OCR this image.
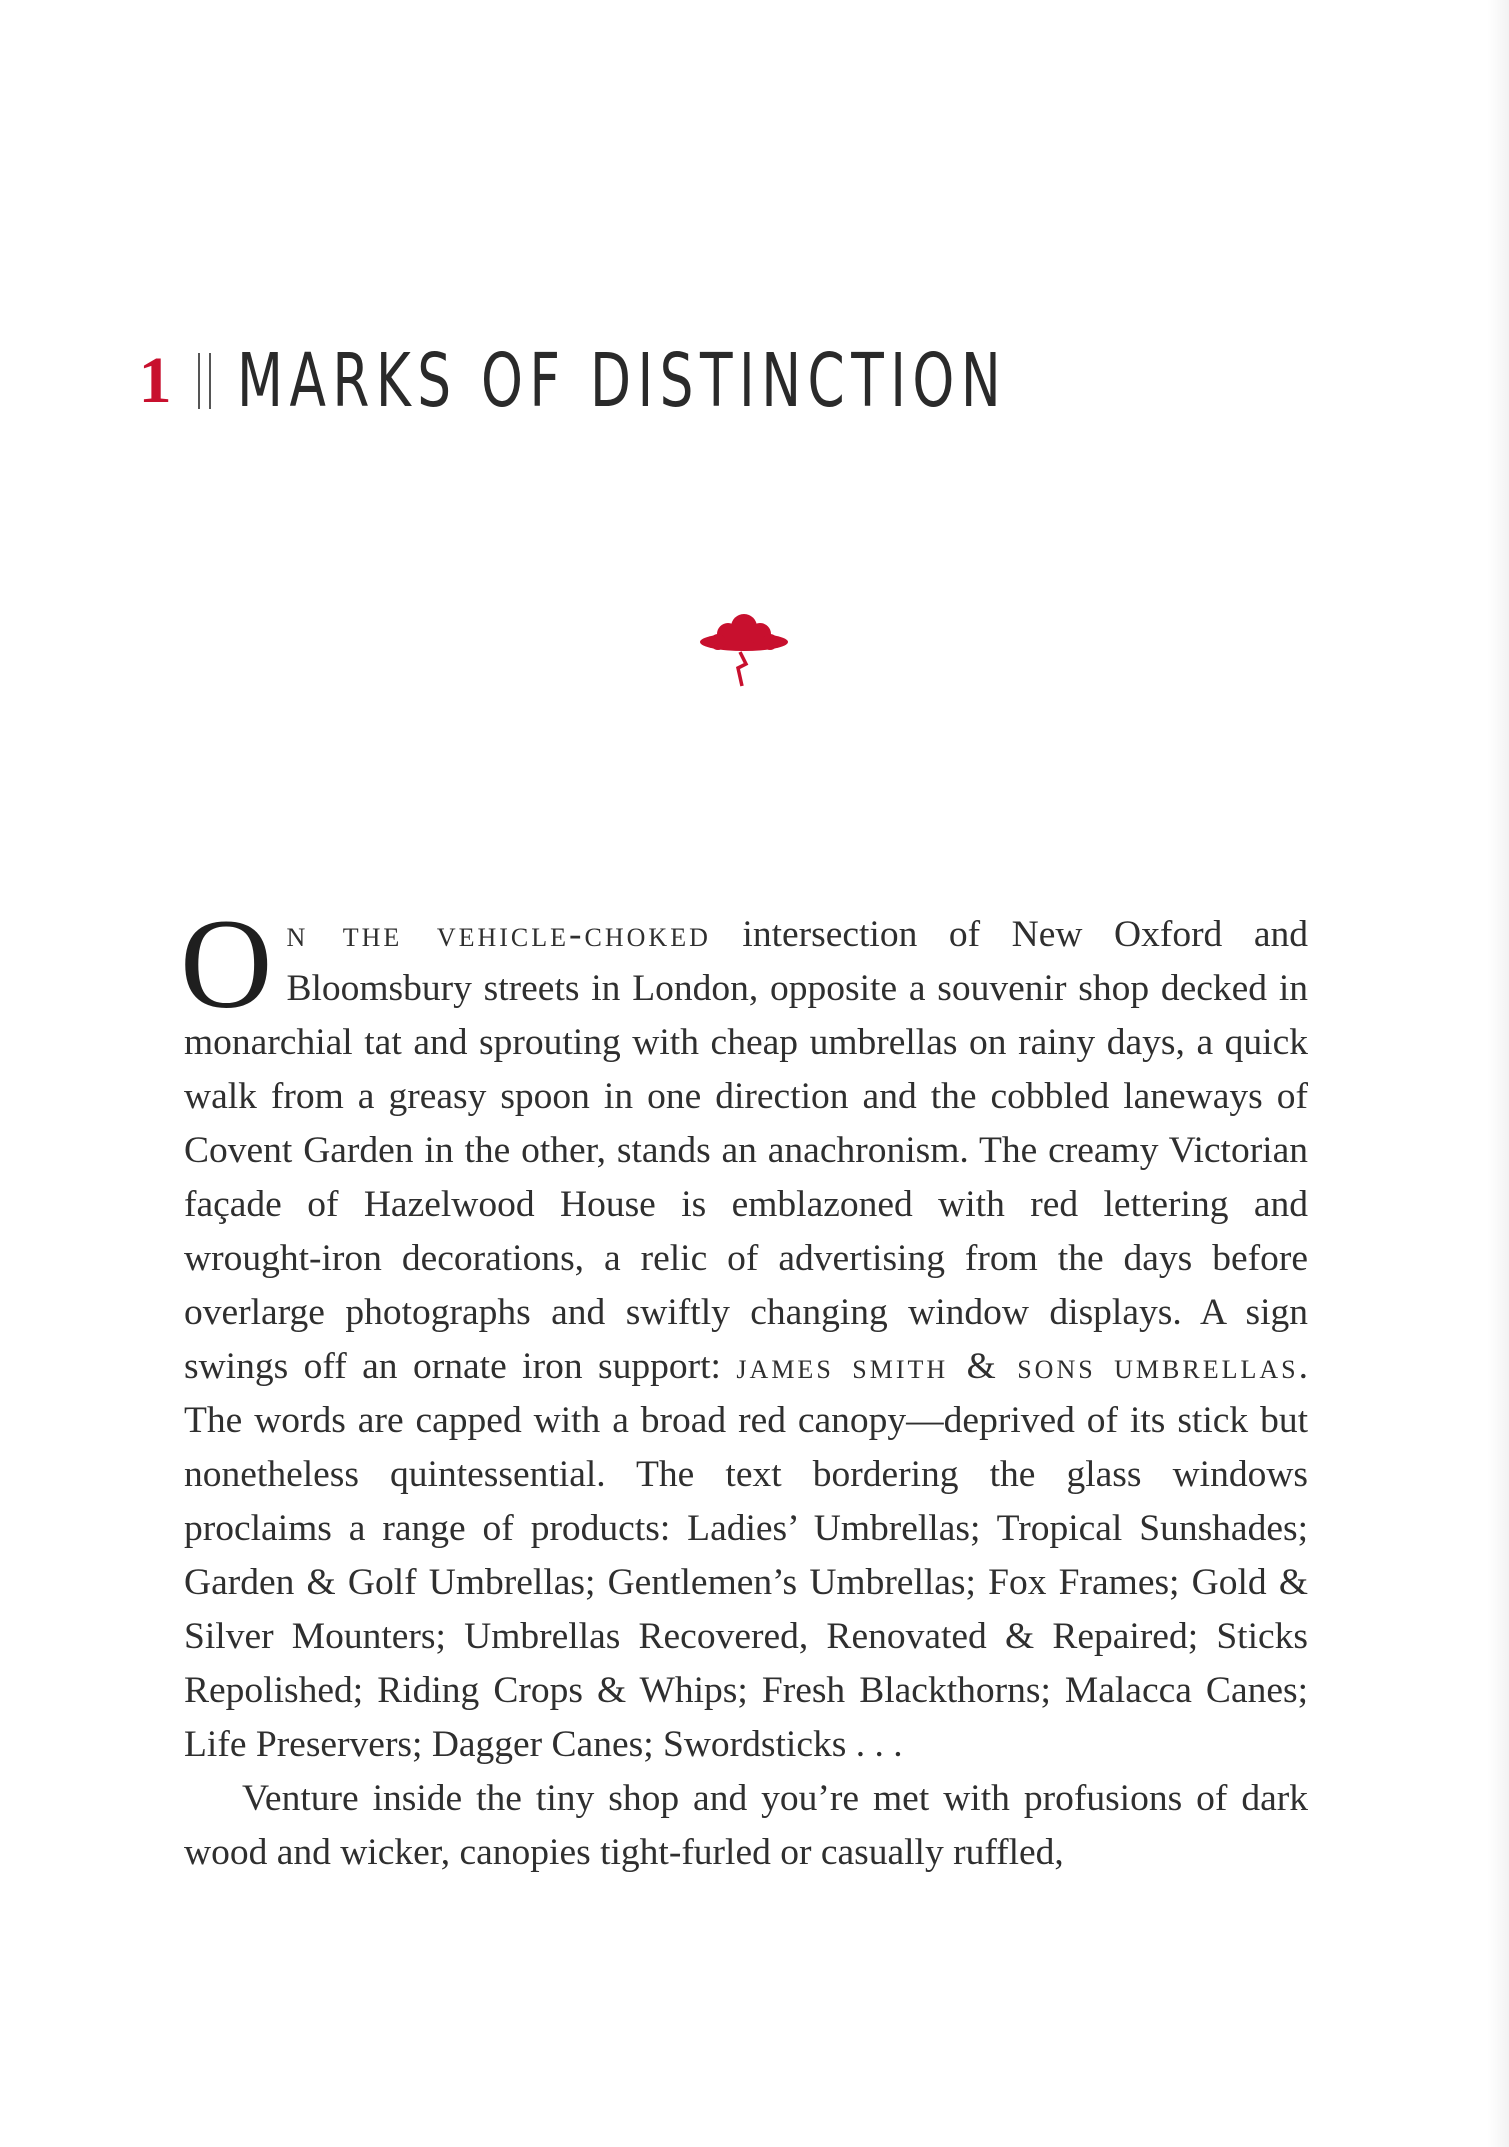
1 MARKS OF DISTINCTION

O n the vehicle-choked intersection of New Oxford and Bloomsbury streets in London, opposite a souvenir shop decked in monarchial tat and sprouting with cheap umbrellas on rainy days, a quick walk from a greasy spoon in one direction and the cobbled laneways of Covent Garden in the other, stands an anachronism. The creamy Victorian façade of Hazelwood House is emblazoned with red lettering and wrought-iron decorations, a relic of advertising from the days before overlarge photographs and swiftly changing window displays. A sign swings off an ornate iron support: james smith & sons umbrellas. The words are capped with a broad red canopy—deprived of its stick but nonetheless quintessential. The text bordering the glass windows proclaims a range of products: Ladies’ Umbrellas; Tropical Sunshades; Garden & Golf Umbrellas; Gentlemen’s Umbrellas; Fox Frames; Gold & Silver Mounters; Umbrellas Recovered, Renovated & Repaired; Sticks Repolished; Riding Crops & Whips; Fresh Blackthorns; Malacca Canes; Life Preservers; Dagger Canes; Swordsticks . . .

Venture inside the tiny shop and you’re met with profusions of dark wood and wicker, canopies tight-furled or casually ruffled,
